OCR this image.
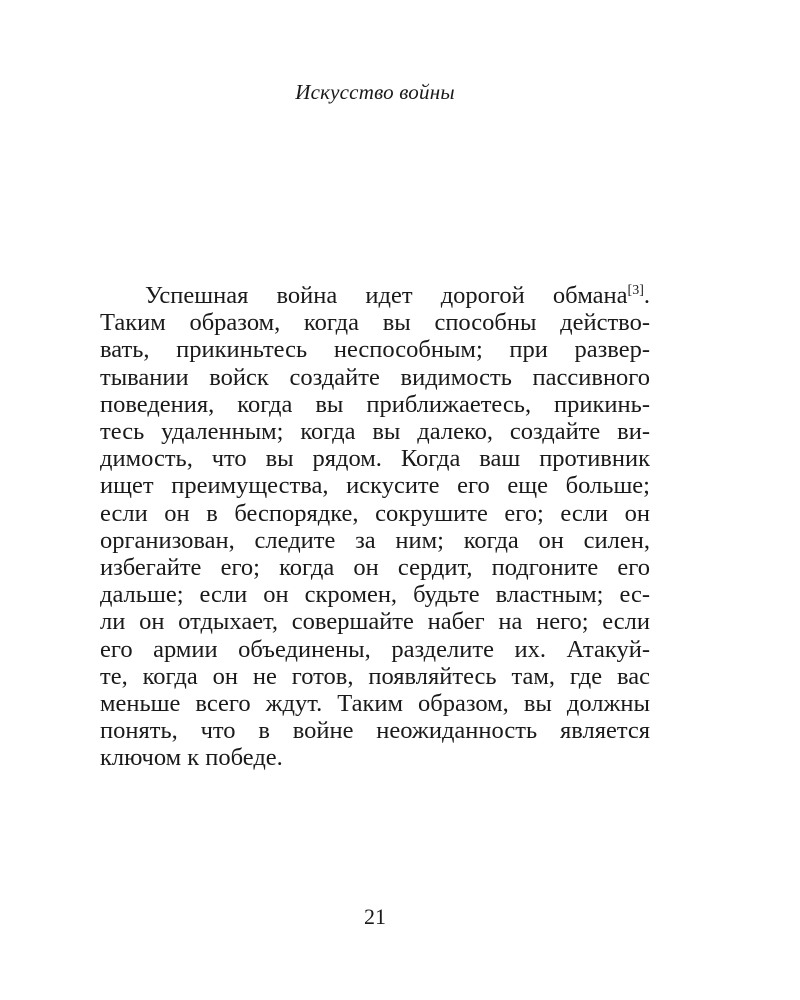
Искусство войны
Успешная война идет дорогой обмана[3].
Таким образом, когда вы способны действо-
вать, прикиньтесь неспособным; при развер-
тывании войск создайте видимость пассивного
поведения, когда вы приближаетесь, прикинь-
тесь удаленным; когда вы далеко, создайте ви-
димость, что вы рядом. Когда ваш противник
ищет преимущества, искусите его еще больше;
если он в беспорядке, сокрушите его; если он
организован, следите за ним; когда он силен,
избегайте его; когда он сердит, подгоните его
дальше; если он скромен, будьте властным; ес-
ли он отдыхает, совершайте набег на него; если
его армии объединены, разделите их. Атакуй-
те, когда он не готов, появляйтесь там, где вас
меньше всего ждут. Таким образом, вы должны
понять, что в войне неожиданность является
ключом к победе.
21
